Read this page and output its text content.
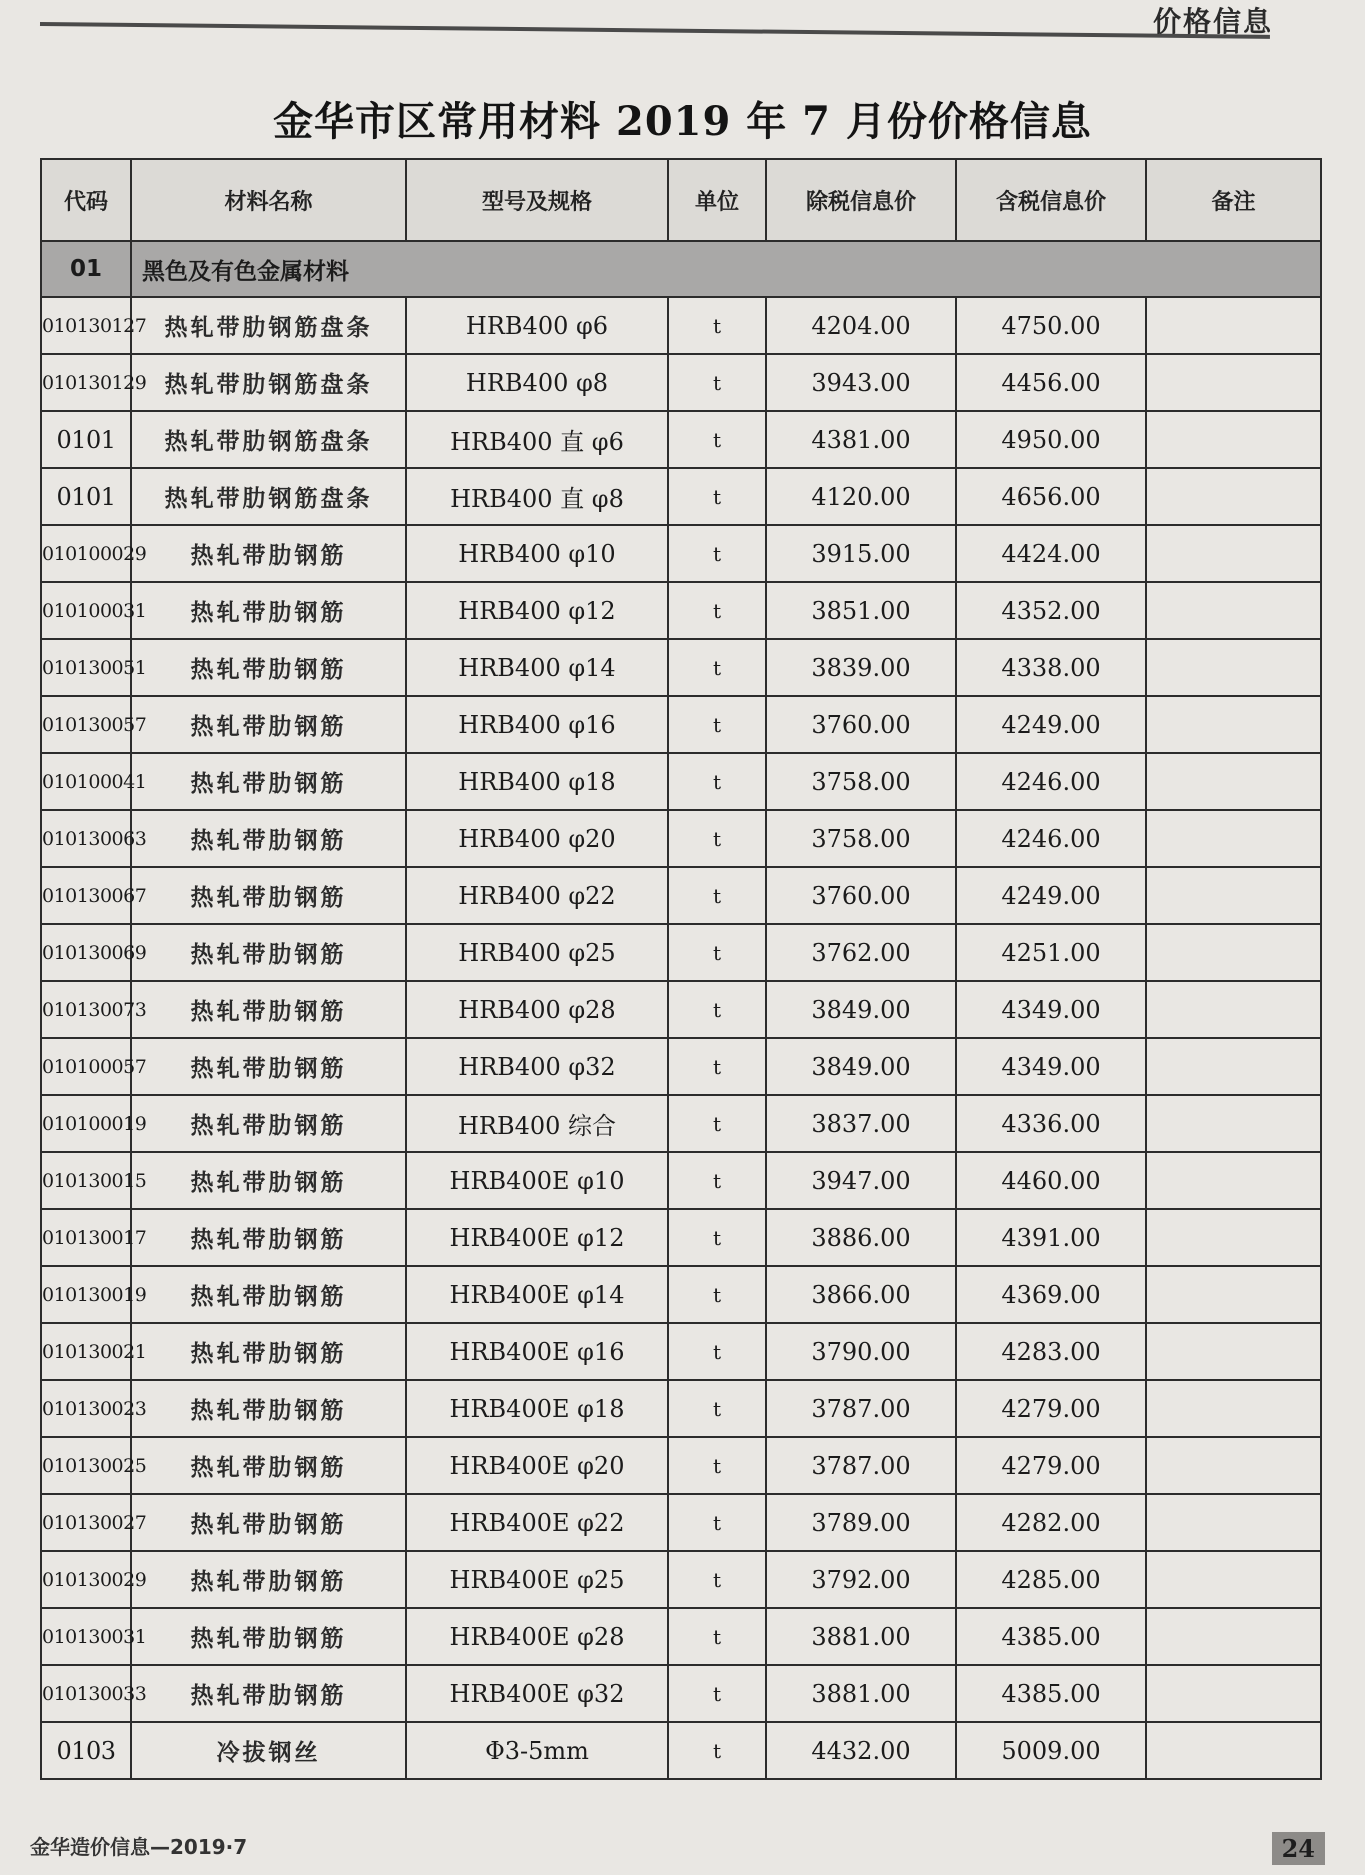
价格信息
金华市区常用材料 2019 年 7 月份价格信息
代码	材料名称	型号及规格	单位	除税信息价	含税信息价	备注
01	黑色及有色金属材料					
010130127	热轧带肋钢筋盘条	HRB400 φ6	t	4204.00	4750.00	
010130129	热轧带肋钢筋盘条	HRB400 φ8	t	3943.00	4456.00	
0101	热轧带肋钢筋盘条	HRB400 直 φ6	t	4381.00	4950.00	
0101	热轧带肋钢筋盘条	HRB400 直 φ8	t	4120.00	4656.00	
010100029	热轧带肋钢筋	HRB400 φ10	t	3915.00	4424.00	
010100031	热轧带肋钢筋	HRB400 φ12	t	3851.00	4352.00	
010130051	热轧带肋钢筋	HRB400 φ14	t	3839.00	4338.00	
010130057	热轧带肋钢筋	HRB400 φ16	t	3760.00	4249.00	
010100041	热轧带肋钢筋	HRB400 φ18	t	3758.00	4246.00	
010130063	热轧带肋钢筋	HRB400 φ20	t	3758.00	4246.00	
010130067	热轧带肋钢筋	HRB400 φ22	t	3760.00	4249.00	
010130069	热轧带肋钢筋	HRB400 φ25	t	3762.00	4251.00	
010130073	热轧带肋钢筋	HRB400 φ28	t	3849.00	4349.00	
010100057	热轧带肋钢筋	HRB400 φ32	t	3849.00	4349.00	
010100019	热轧带肋钢筋	HRB400 综合	t	3837.00	4336.00	
010130015	热轧带肋钢筋	HRB400E φ10	t	3947.00	4460.00	
010130017	热轧带肋钢筋	HRB400E φ12	t	3886.00	4391.00	
010130019	热轧带肋钢筋	HRB400E φ14	t	3866.00	4369.00	
010130021	热轧带肋钢筋	HRB400E φ16	t	3790.00	4283.00	
010130023	热轧带肋钢筋	HRB400E φ18	t	3787.00	4279.00	
010130025	热轧带肋钢筋	HRB400E φ20	t	3787.00	4279.00	
010130027	热轧带肋钢筋	HRB400E φ22	t	3789.00	4282.00	
010130029	热轧带肋钢筋	HRB400E φ25	t	3792.00	4285.00	
010130031	热轧带肋钢筋	HRB400E φ28	t	3881.00	4385.00	
010130033	热轧带肋钢筋	HRB400E φ32	t	3881.00	4385.00	
0103	冷拔钢丝	Φ3-5mm	t	4432.00	5009.00	
金华造价信息—2019·7	24
